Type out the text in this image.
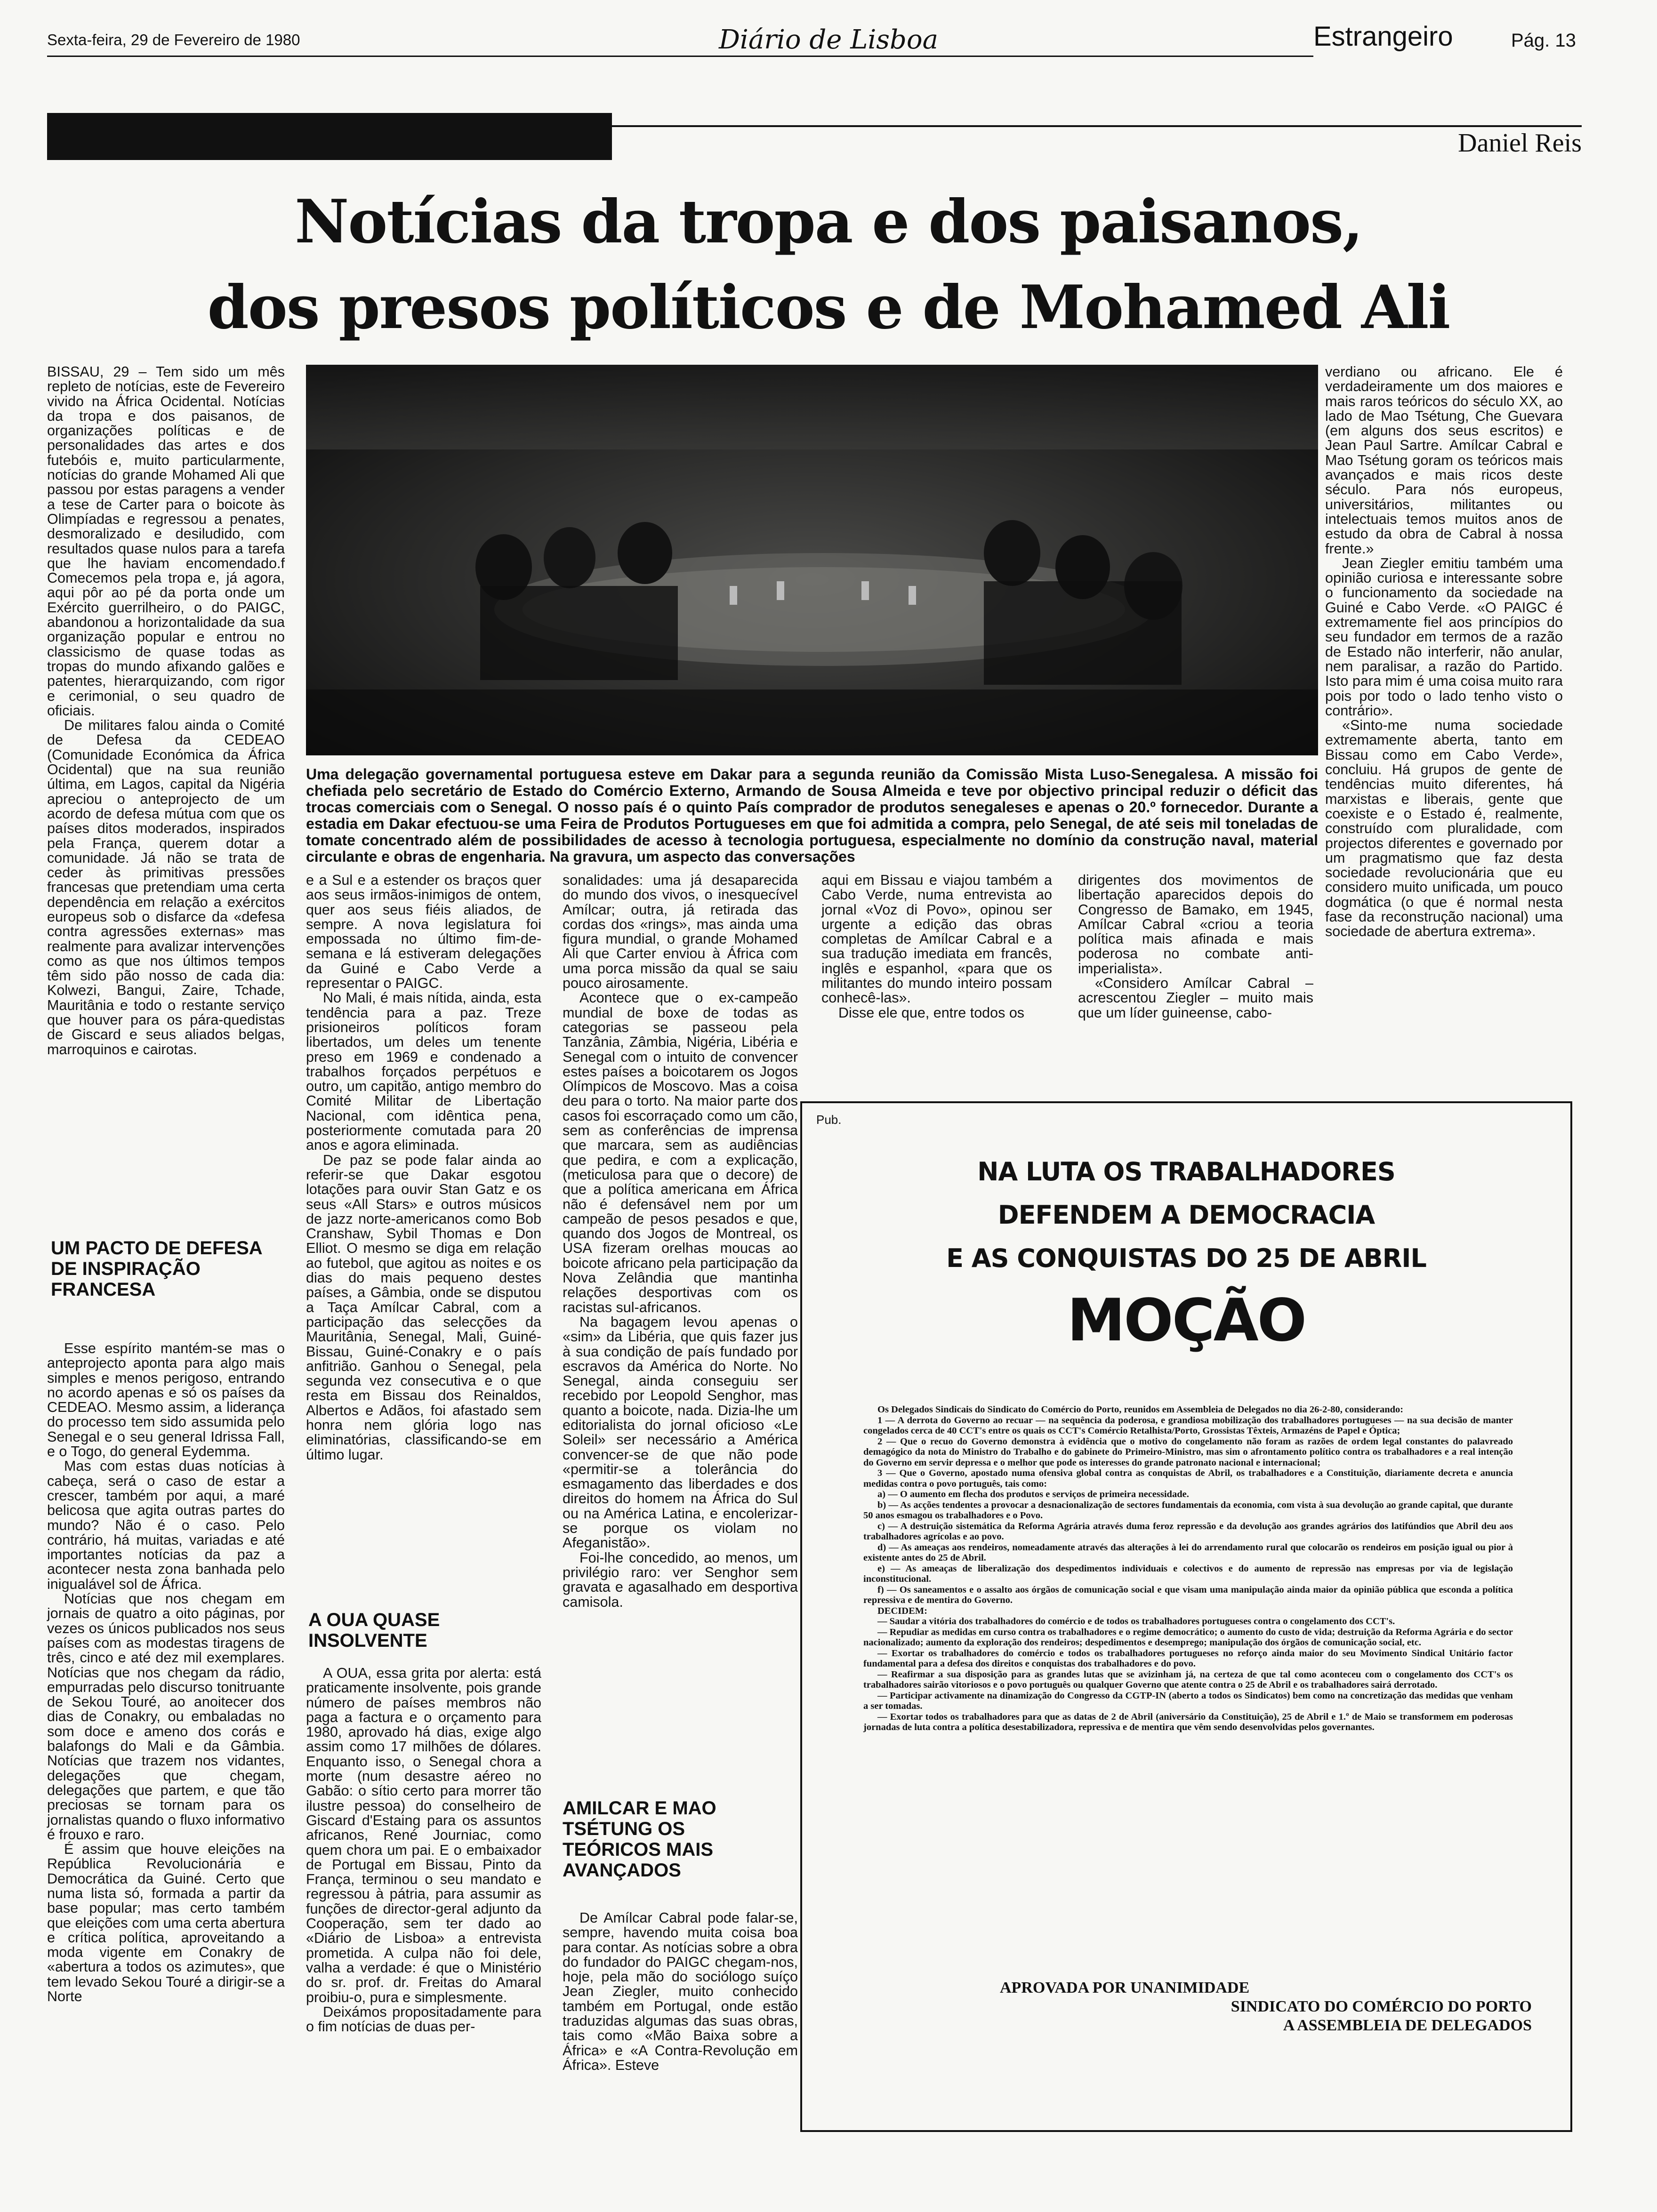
Sexta-feira, 29 de Fevereiro de 1980	Diário de Lisboa	Estrangeiro	Pág. 13
Daniel Reis
Notícias da tropa e dos paisanos,
dos presos políticos e de Mohamed Ali
Uma delegação governamental portuguesa esteve em Dakar para a segunda reunião da Comissão Mista Luso-Senegalesa. A missão foi chefiada pelo secretário de Estado do Comércio Externo, Armando de Sousa Almeida e teve por objectivo principal reduzir o déficit das trocas comerciais com o Senegal. O nosso país é o quinto País comprador de produtos senegaleses e apenas o 20.º fornecedor. Durante a estadia em Dakar efectuou-se uma Feira de Produtos Portugueses em que foi admitida a compra, pelo Senegal, de até seis mil toneladas de tomate concentrado além de possibilidades de acesso à tecnologia portuguesa, especialmente no domínio da construção naval, material circulante e obras de engenharia. Na gravura, um aspecto das conversações

BISSAU, 29 – Tem sido um mês repleto de notícias, este de Fevereiro vivido na África Ocidental. Notícias da tropa e dos paisanos, de organizações políticas e de personalidades das artes e dos futebóis e, muito particularmente, notícias do grande Mohamed Ali que passou por estas paragens a vender a tese de Carter para o boicote às Olimpíadas e regressou a penates, desmoralizado e desiludido, com resultados quase nulos para a tarefa que lhe haviam encomendado.f Comecemos pela tropa e, já agora, aqui pôr ao pé da porta onde um Exército guerrilheiro, o do PAIGC, abandonou a horizontalidade da sua organização popular e entrou no classicismo de quase todas as tropas do mundo afixando galões e patentes, hierarquizando, com rigor e cerimonial, o seu quadro de oficiais.

De militares falou ainda o Comité de Defesa da CEDEAO (Comunidade Económica da África Ocidental) que na sua reunião última, em Lagos, capital da Nigéria apreciou o anteprojecto de um acordo de defesa mútua com que os países ditos moderados, inspirados pela França, querem dotar a comunidade. Já não se trata de ceder às primitivas pressões francesas que pretendiam uma certa dependência em relação a exércitos europeus sob o disfarce da «defesa contra agressões externas» mas realmente para avalizar intervenções como as que nos últimos tempos têm sido pão nosso de cada dia: Kolwezi, Bangui, Zaire, Tchade, Mauritânia e todo o restante serviço que houver para os pára-quedistas de Giscard e seus aliados belgas, marroquinos e cairotas.

UM PACTO DE DEFESA DE INSPIRAÇÃO FRANCESA

Esse espírito mantém-se mas o anteprojecto aponta para algo mais simples e menos perigoso, entrando no acordo apenas e só os países da CEDEAO. Mesmo assim, a liderança do processo tem sido assumida pelo Senegal e o seu general Idrissa Fall, e o Togo, do general Eydemma.

Mas com estas duas notícias à cabeça, será o caso de estar a crescer, também por aqui, a maré belicosa que agita outras partes do mundo? Não é o caso. Pelo contrário, há muitas, variadas e até importantes notícias da paz a acontecer nesta zona banhada pelo inigualável sol de África.

Notícias que nos chegam em jornais de quatro a oito páginas, por vezes os únicos publicados nos seus países com as modestas tiragens de três, cinco e até dez mil exemplares. Notícias que nos chegam da rádio, empurradas pelo discurso tonitruante de Sekou Touré, ao anoitecer dos dias de Conakry, ou embaladas no som doce e ameno dos corás e balafongs do Mali e da Gâmbia. Notícias que trazem nos vidantes, delegações que chegam, delegações que partem, e que tão preciosas se tornam para os jornalistas quando o fluxo informativo é frouxo e raro.

É assim que houve eleições na República Revolucionária e Democrática da Guiné. Certo que numa lista só, formada a partir da base popular; mas certo também que eleições com uma certa abertura e crítica política, aproveitando a moda vigente em Conakry de «abertura a todos os azimutes», que tem levado Sekou Touré a dirigir-se a Norte

e a Sul e a estender os braços quer aos seus irmãos-inimigos de ontem, quer aos seus fiéis aliados, de sempre. A nova legislatura foi empossada no último fim-de-semana e lá estiveram delegações da Guiné e Cabo Verde a representar o PAIGC.

No Mali, é mais nítida, ainda, esta tendência para a paz. Treze prisioneiros políticos foram libertados, um deles um tenente preso em 1969 e condenado a trabalhos forçados perpétuos e outro, um capitão, antigo membro do Comité Militar de Libertação Nacional, com idêntica pena, posteriormente comutada para 20 anos e agora eliminada.

De paz se pode falar ainda ao referir-se que Dakar esgotou lotações para ouvir Stan Gatz e os seus «All Stars» e outros músicos de jazz norte-americanos como Bob Cranshaw, Sybil Thomas e Don Elliot. O mesmo se diga em relação ao futebol, que agitou as noites e os dias do mais pequeno destes países, a Gâmbia, onde se disputou a Taça Amílcar Cabral, com a participação das selecções da Mauritânia, Senegal, Mali, Guiné-Bissau, Guiné-Conakry e o país anfitrião. Ganhou o Senegal, pela segunda vez consecutiva e o que resta em Bissau dos Reinaldos, Albertos e Adãos, foi afastado sem honra nem glória logo nas eliminatórias, classificando-se em último lugar.

A OUA QUASE INSOLVENTE

A OUA, essa grita por alerta: está praticamente insolvente, pois grande número de países membros não paga a factura e o orçamento para 1980, aprovado há dias, exige algo assim como 17 milhões de dólares. Enquanto isso, o Senegal chora a morte (num desastre aéreo no Gabão: o sítio certo para morrer tão ilustre pessoa) do conselheiro de Giscard d'Estaing para os assuntos africanos, René Journiac, como quem chora um pai. E o embaixador de Portugal em Bissau, Pinto da França, terminou o seu mandato e regressou à pátria, para assumir as funções de director-geral adjunto da Cooperação, sem ter dado ao «Diário de Lisboa» a entrevista prometida. A culpa não foi dele, valha a verdade: é que o Ministério do sr. prof. dr. Freitas do Amaral proibiu-o, pura e simplesmente.

Deixámos propositadamente para o fim notícias de duas per-

sonalidades: uma já desaparecida do mundo dos vivos, o inesquecível Amílcar; outra, já retirada das cordas dos «rings», mas ainda uma figura mundial, o grande Mohamed Ali que Carter enviou à África com uma porca missão da qual se saiu pouco airosamente.

Acontece que o ex-campeão mundial de boxe de todas as categorias se passeou pela Tanzânia, Zâmbia, Nigéria, Libéria e Senegal com o intuito de convencer estes países a boicotarem os Jogos Olímpicos de Moscovo. Mas a coisa deu para o torto. Na maior parte dos casos foi escorraçado como um cão, sem as conferências de imprensa que marcara, sem as audiências que pedira, e com a explicação, (meticulosa para que o decore) de que a política americana em África não é defensável nem por um campeão de pesos pesados e que, quando dos Jogos de Montreal, os USA fizeram orelhas moucas ao boicote africano pela participação da Nova Zelândia que mantinha relações desportivas com os racistas sul-africanos.

Na bagagem levou apenas o «sim» da Libéria, que quis fazer jus à sua condição de país fundado por escravos da América do Norte. No Senegal, ainda conseguiu ser recebido por Leopold Senghor, mas quanto a boicote, nada. Dizia-lhe um editorialista do jornal oficioso «Le Soleil» ser necessário a América convencer-se de que não pode «permitir-se a tolerância do esmagamento das liberdades e dos direitos do homem na África do Sul ou na América Latina, e encolerizar-se porque os violam no Afeganistão».

Foi-lhe concedido, ao menos, um privilégio raro: ver Senghor sem gravata e agasalhado em desportiva camisola.

AMILCAR E MAO TSÉTUNG OS TEÓRICOS MAIS AVANÇADOS

De Amílcar Cabral pode falar-se, sempre, havendo muita coisa boa para contar. As notícias sobre a obra do fundador do PAIGC chegam-nos, hoje, pela mão do sociólogo suíço Jean Ziegler, muito conhecido também em Portugal, onde estão traduzidas algumas das suas obras, tais como «Mão Baixa sobre a África» e «A Contra-Revolução em África». Esteve

aqui em Bissau e viajou também a Cabo Verde, numa entrevista ao jornal «Voz di Povo», opinou ser urgente a edição das obras completas de Amílcar Cabral e a sua tradução imediata em francês, inglês e espanhol, «para que os militantes do mundo inteiro possam conhecê-las».

Disse ele que, entre todos os

dirigentes dos movimentos de libertação aparecidos depois do Congresso de Bamako, em 1945, Amílcar Cabral «criou a teoria política mais afinada e mais poderosa no combate anti-imperialista».

«Considero Amílcar Cabral – acrescentou Ziegler – muito mais que um líder guineense, cabo-

verdiano ou africano. Ele é verdadeiramente um dos maiores e mais raros teóricos do século XX, ao lado de Mao Tsétung, Che Guevara (em alguns dos seus escritos) e Jean Paul Sartre. Amílcar Cabral e Mao Tsétung goram os teóricos mais avançados e mais ricos deste século. Para nós europeus, universitários, militantes ou intelectuais temos muitos anos de estudo da obra de Cabral à nossa frente.»

Jean Ziegler emitiu também uma opinião curiosa e interessante sobre o funcionamento da sociedade na Guiné e Cabo Verde. «O PAIGC é extremamente fiel aos princípios do seu fundador em termos de a razão de Estado não interferir, não anular, nem paralisar, a razão do Partido. Isto para mim é uma coisa muito rara pois por todo o lado tenho visto o contrário».

«Sinto-me numa sociedade extremamente aberta, tanto em Bissau como em Cabo Verde», concluiu. Há grupos de gente de tendências muito diferentes, há marxistas e liberais, gente que coexiste e o Estado é, realmente, construído com pluralidade, com projectos diferentes e governado por um pragmatismo que faz desta sociedade revolucionária que eu considero muito unificada, um pouco dogmática (o que é normal nesta fase da reconstrução nacional) uma sociedade de abertura extrema».

Pub.
NA LUTA OS TRABALHADORES
DEFENDEM A DEMOCRACIA
E AS CONQUISTAS DO 25 DE ABRIL
MOÇÃO

Os Delegados Sindicais do Sindicato do Comércio do Porto, reunidos em Assembleia de Delegados no dia 26-2-80, considerando:

1 — A derrota do Governo ao recuar — na sequência da poderosa, e grandiosa mobilização dos trabalhadores portugueses — na sua decisão de manter congelados cerca de 40 CCT's entre os quais os CCT's Comércio Retalhista/Porto, Grossistas Têxteis, Armazéns de Papel e Óptica;

2 — Que o recuo do Governo demonstra à evidência que o motivo do congelamento não foram as razões de ordem legal constantes do palavreado demagógico da nota do Ministro do Trabalho e do gabinete do Primeiro-Ministro, mas sim o afrontamento político contra os trabalhadores e a real intenção do Governo em servir depressa e o melhor que pode os interesses do grande patronato nacional e internacional;

3 — Que o Governo, apostado numa ofensiva global contra as conquistas de Abril, os trabalhadores e a Constituição, diariamente decreta e anuncia medidas contra o povo português, tais como:

a) — O aumento em flecha dos produtos e serviços de primeira necessidade.

b) — As acções tendentes a provocar a desnacionalização de sectores fundamentais da economia, com vista à sua devolução ao grande capital, que durante 50 anos esmagou os trabalhadores e o Povo.

c) — A destruição sistemática da Reforma Agrária através duma feroz repressão e da devolução aos grandes agrários dos latifúndios que Abril deu aos trabalhadores agrícolas e ao povo.

d) — As ameaças aos rendeiros, nomeadamente através das alterações à lei do arrendamento rural que colocarão os rendeiros em posição igual ou pior à existente antes do 25 de Abril.

e) — As ameaças de liberalização dos despedimentos individuais e colectivos e do aumento de repressão nas empresas por via de legislação inconstitucional.

f) — Os saneamentos e o assalto aos órgãos de comunicação social e que visam uma manipulação ainda maior da opinião pública que esconda a política repressiva e de mentira do Governo.

DECIDEM:

— Saudar a vitória dos trabalhadores do comércio e de todos os trabalhadores portugueses contra o congelamento dos CCT's.

— Repudiar as medidas em curso contra os trabalhadores e o regime democrático; o aumento do custo de vida; destruição da Reforma Agrária e do sector nacionalizado; aumento da exploração dos rendeiros; despedimentos e desemprego; manipulação dos órgãos de comunicação social, etc.

— Exortar os trabalhadores do comércio e todos os trabalhadores portugueses no reforço ainda maior do seu Movimento Sindical Unitário factor fundamental para a defesa dos direitos e conquistas dos trabalhadores e do povo.

— Reafirmar a sua disposição para as grandes lutas que se avizinham já, na certeza de que tal como aconteceu com o congelamento dos CCT's os trabalhadores sairão vitoriosos e o povo português ou qualquer Governo que atente contra o 25 de Abril e os trabalhadores sairá derrotado.

— Participar activamente na dinamização do Congresso da CGTP-IN (aberto a todos os Sindicatos) bem como na concretização das medidas que venham a ser tomadas.

— Exortar todos os trabalhadores para que as datas de 2 de Abril (aniversário da Constituição), 25 de Abril e 1.º de Maio se transformem em poderosas jornadas de luta contra a política desestabilizadora, repressiva e de mentira que vêm sendo desenvolvidas pelos governantes.

APROVADA POR UNANIMIDADE
SINDICATO DO COMÉRCIO DO PORTO
A ASSEMBLEIA DE DELEGADOS
